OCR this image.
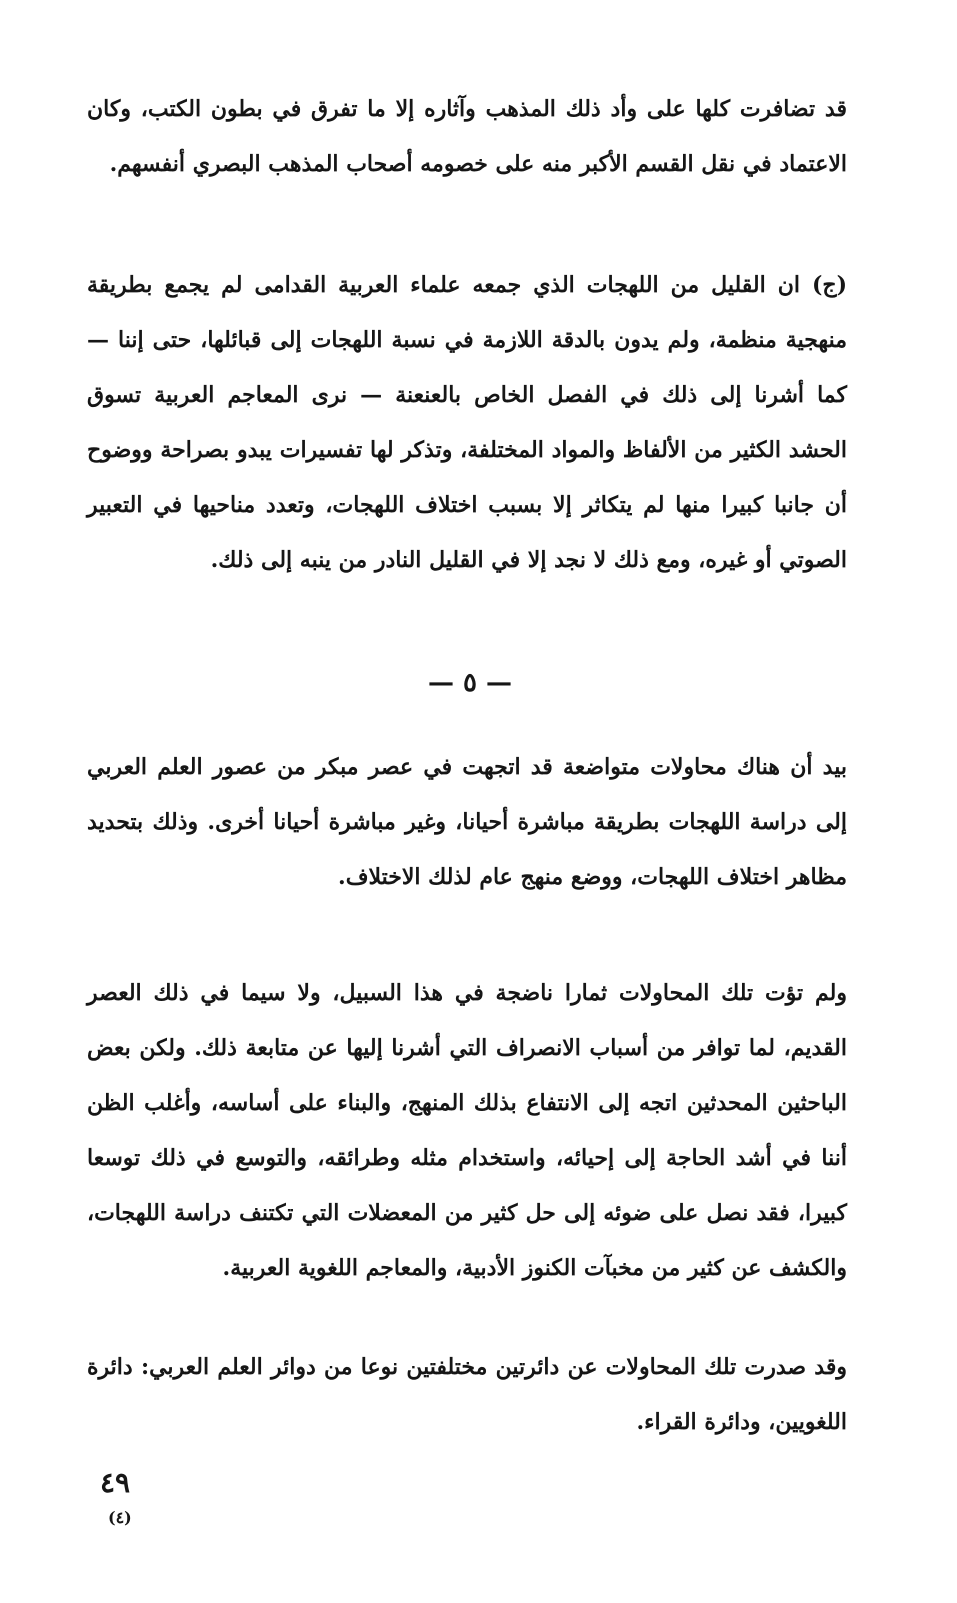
قد تضافرت كلها على وأد ذلك المذهب وآثاره إلا ما تفرق في بطون الكتب، وكان الاعتماد في نقل القسم الأكبر منه على خصومه أصحاب المذهب البصري أنفسهم.

(ج) ان القليل من اللهجات الذي جمعه علماء العربية القدامى لم يجمع بطريقة منهجية منظمة، ولم يدون بالدقة اللازمة في نسبة اللهجات إلى قبائلها، حتى إننا — كما أشرنا إلى ذلك في الفصل الخاص بالعنعنة — نرى المعاجم العربية تسوق الحشد الكثير من الألفاظ والمواد المختلفة، وتذكر لها تفسيرات يبدو بصراحة ووضوح أن جانبا كبيرا منها لم يتكاثر إلا بسبب اختلاف اللهجات، وتعدد مناحيها في التعبير الصوتي أو غيره، ومع ذلك لا نجد إلا في القليل النادر من ينبه إلى ذلك.

— ٥ —

بيد أن هناك محاولات متواضعة قد اتجهت في عصر مبكر من عصور العلم العربي إلى دراسة اللهجات بطريقة مباشرة أحيانا، وغير مباشرة أحيانا أخرى. وذلك بتحديد مظاهر اختلاف اللهجات، ووضع منهج عام لذلك الاختلاف.

ولم تؤت تلك المحاولات ثمارا ناضجة في هذا السبيل، ولا سيما في ذلك العصر القديم، لما توافر من أسباب الانصراف التي أشرنا إليها عن متابعة ذلك. ولكن بعض الباحثين المحدثين اتجه إلى الانتفاع بذلك المنهج، والبناء على أساسه، وأغلب الظن أننا في أشد الحاجة إلى إحيائه، واستخدام مثله وطرائقه، والتوسع في ذلك توسعا كبيرا، فقد نصل على ضوئه إلى حل كثير من المعضلات التي تكتنف دراسة اللهجات، والكشف عن كثير من مخبآت الكنوز الأدبية، والمعاجم اللغوية العربية.

وقد صدرت تلك المحاولات عن دائرتين مختلفتين نوعا من دوائر العلم العربي: دائرة اللغويين، ودائرة القراء.

٤٩
(٤)
